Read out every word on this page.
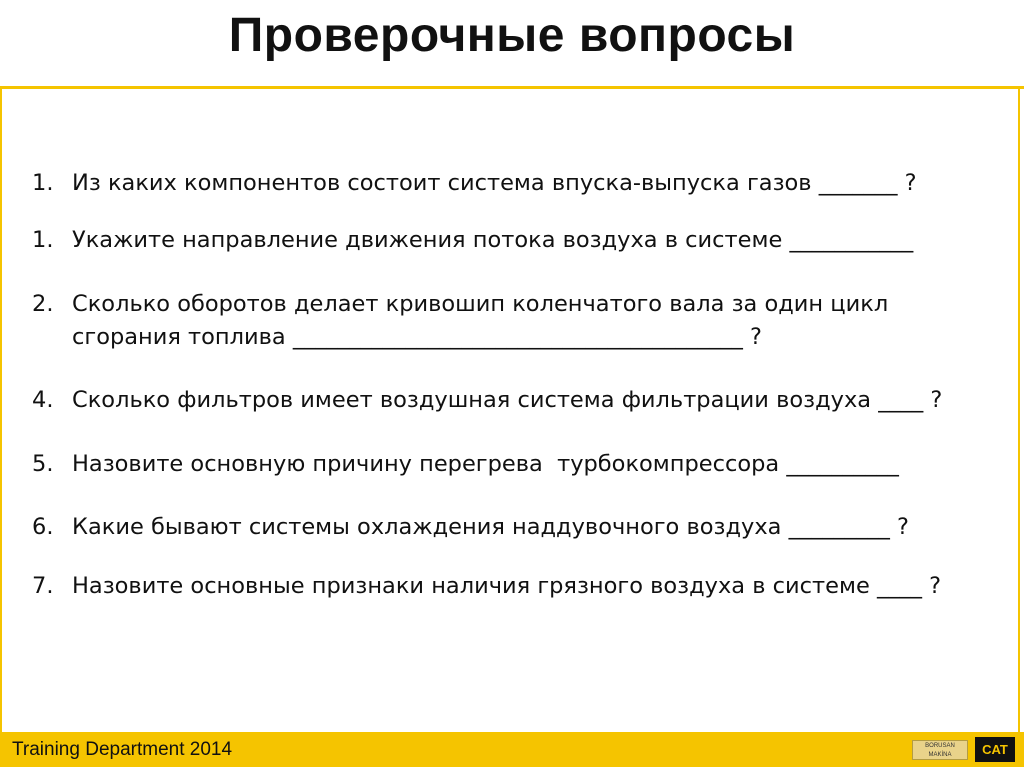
Проверочные вопросы
1. Из каких компонентов состоит система впуска-выпуска газов _______ ?
1. Укажите направление движения потока воздуха в системе ___________
2. Сколько оборотов делает кривошип коленчатого вала за один цикл
сгорания топлива ________________________________________ ?
4. Сколько фильтров имеет воздушная система фильтрации воздуха ____ ?
5. Назовите основную причину перегрева  турбокомпрессора __________
6. Какие бывают системы охлаждения наддувочного воздуха _________ ?
7. Назовите основные признаки наличия грязного воздуха в системе ____ ?
Training Department 2014	BORUSAN MAKİNA	CAT
